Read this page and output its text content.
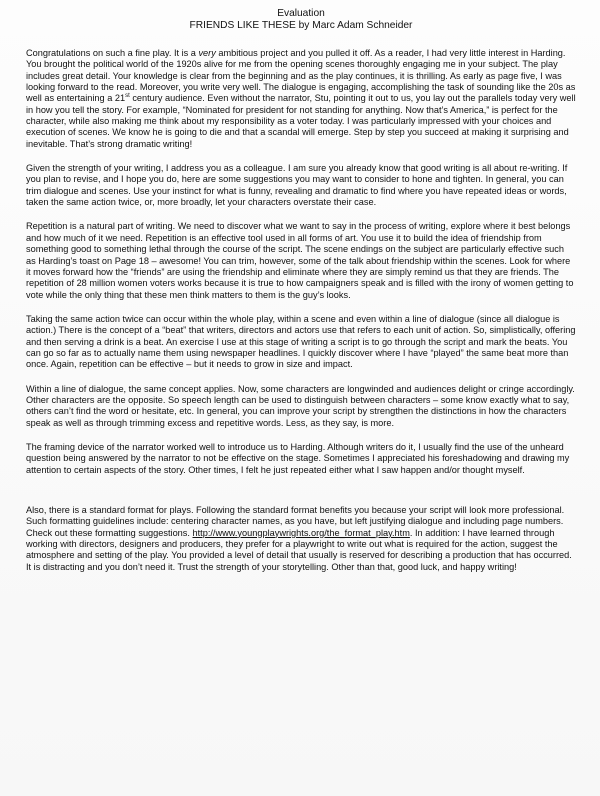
Evaluation
FRIENDS LIKE THESE by Marc Adam Schneider

Congratulations on such a fine play. It is a very ambitious project and you pulled it off. As a reader, I had very little interest in Harding. You brought the political world of the 1920s alive for me from the opening scenes thoroughly engaging me in your subject. The play includes great detail. Your knowledge is clear from the beginning and as the play continues, it is thrilling. As early as page five, I was looking forward to the read. Moreover, you write very well. The dialogue is engaging, accomplishing the task of sounding like the 20s as well as entertaining a 21st century audience. Even without the narrator, Stu, pointing it out to us, you lay out the parallels today very well in how you tell the story. For example, “Nominated for president for not standing for anything. Now that’s America,” is perfect for the character, while also making me think about my responsibility as a voter today. I was particularly impressed with your choices and execution of scenes. We know he is going to die and that a scandal will emerge. Step by step you succeed at making it surprising and inevitable. That’s strong dramatic writing!

Given the strength of your writing, I address you as a colleague. I am sure you already know that good writing is all about re-writing. If you plan to revise, and I hope you do, here are some suggestions you may want to consider to hone and tighten. In general, you can trim dialogue and scenes. Use your instinct for what is funny, revealing and dramatic to find where you have repeated ideas or words, taken the same action twice, or, more broadly, let your characters overstate their case.

Repetition is a natural part of writing. We need to discover what we want to say in the process of writing, explore where it best belongs and how much of it we need. Repetition is an effective tool used in all forms of art. You use it to build the idea of friendship from something good to something lethal through the course of the script. The scene endings on the subject are particularly effective such as Harding’s toast on Page 18 – awesome! You can trim, however, some of the talk about friendship within the scenes. Look for where it moves forward how the “friends” are using the friendship and eliminate where they are simply remind us that they are friends. The repetition of 28 million women voters works because it is true to how campaigners speak and is filled with the irony of women getting to vote while the only thing that these men think matters to them is the guy’s looks.

Taking the same action twice can occur within the whole play, within a scene and even within a line of dialogue (since all dialogue is action.) There is the concept of a “beat” that writers, directors and actors use that refers to each unit of action. So, simplistically, offering and then serving a drink is a beat. An exercise I use at this stage of writing a script is to go through the script and mark the beats. You can go so far as to actually name them using newspaper headlines. I quickly discover where I have “played” the same beat more than once. Again, repetition can be effective – but it needs to grow in size and impact.

Within a line of dialogue, the same concept applies. Now, some characters are longwinded and audiences delight or cringe accordingly. Other characters are the opposite. So speech length can be used to distinguish between characters – some know exactly what to say, others can’t find the word or hesitate, etc. In general, you can improve your script by strengthen the distinctions in how the characters speak as well as through trimming excess and repetitive words. Less, as they say, is more.

The framing device of the narrator worked well to introduce us to Harding. Although writers do it, I usually find the use of the unheard question being answered by the narrator to not be effective on the stage. Sometimes I appreciated his foreshadowing and drawing my attention to certain aspects of the story. Other times, I felt he just repeated either what I saw happen and/or thought myself.

Also, there is a standard format for plays. Following the standard format benefits you because your script will look more professional. Such formatting guidelines include: centering character names, as you have, but left justifying dialogue and including page numbers. Check out these formatting suggestions. http://www.youngplaywrights.org/the_format_play.htm. In addition: I have learned through working with directors, designers and producers, they prefer for a playwright to write out what is required for the action, suggest the atmosphere and setting of the play. You provided a level of detail that usually is reserved for describing a production that has occurred. It is distracting and you don’t need it. Trust the strength of your storytelling. Other than that, good luck, and happy writing!
